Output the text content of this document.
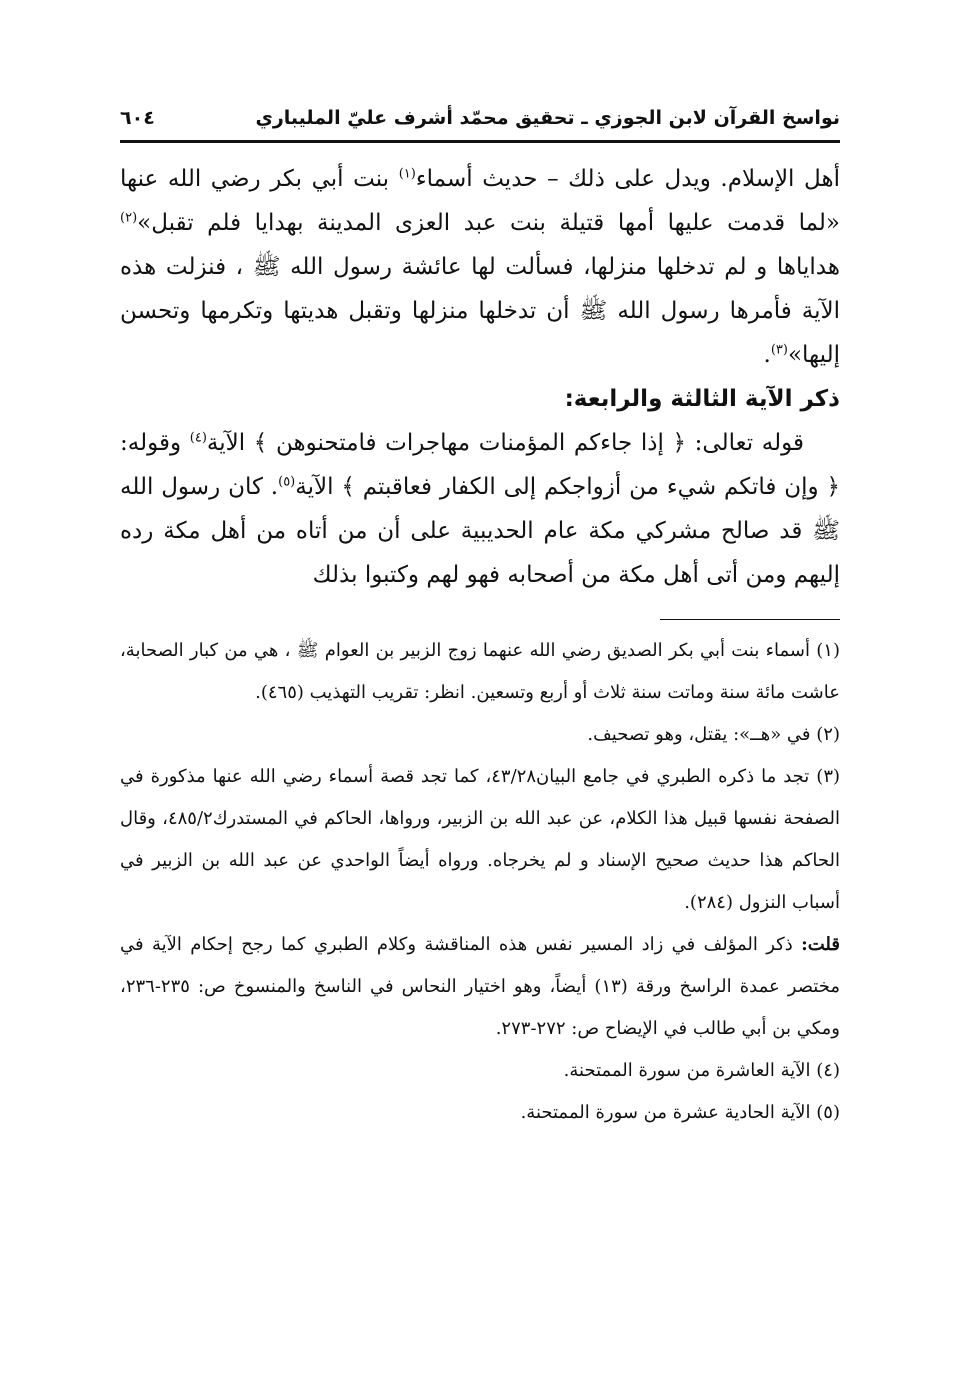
نواسخ القرآن لابن الجوزي ـ تحقيق محمّد أشرف عليّ المليباري
٦٠٤

أهل الإسلام. ويدل على ذلك – حديث أسماء$^{(١)}$ بنت أبي بكر رضي الله عنها «لما قدمت عليها أمها قتيلة بنت عبد العزى المدينة بهدايا فلم تقبل»$^{(٢)}$ هداياها و لم تدخلها منزلها، فسألت لها عائشة رسول الله ﷺ ، فنزلت هذه الآية فأمرها رسول الله ﷺ أن تدخلها منزلها وتقبل هديتها وتكرمها وتحسن إليها»$^{(٣)}$.

ذكر الآية الثالثة والرابعة:

قوله تعالى: ﴿ إذا جاءكم المؤمنات مهاجرات فامتحنوهن ﴾ الآية$^{(٤)}$ وقوله: ﴿ وإن فاتكم شيء من أزواجكم إلى الكفار فعاقبتم ﴾ الآية$^{(٥)}$. كان رسول الله ﷺ قد صالح مشركي مكة عام الحديبية على أن من أتاه من أهل مكة رده إليهم ومن أتى أهل مكة من أصحابه فهو لهم وكتبوا بذلك

(١) أسماء بنت أبي بكر الصديق رضي الله عنهما زوج الزبير بن العوام ﷺ ، هي من كبار الصحابة، عاشت مائة سنة وماتت سنة ثلاث أو أربع وتسعين. انظر: تقريب التهذيب (٤٦٥).

(٢) في «هــ»: يقتل، وهو تصحيف.

(٣) تجد ما ذكره الطبري في جامع البيان٤٣/٢٨، كما تجد قصة أسماء رضي الله عنها مذكورة في الصفحة نفسها قبيل هذا الكلام، عن عبد الله بن الزبير، ورواها، الحاكم في المستدرك٤٨٥/٢، وقال الحاكم هذا حديث صحيح الإسناد و لم يخرجاه. ورواه أيضاً الواحدي عن عبد الله بن الزبير في أسباب النزول (٢٨٤).

قلت: ذكر المؤلف في زاد المسير نفس هذه المناقشة وكلام الطبري كما رجح إحكام الآية في مختصر عمدة الراسخ ورقة (١٣) أيضاً، وهو اختيار النحاس في الناسخ والمنسوخ ص: ٢٣٥-٢٣٦، ومكي بن أبي طالب في الإيضاح ص: ٢٧٢-٢٧٣.

(٤) الآية العاشرة من سورة الممتحنة.

(٥) الآية الحادية عشرة من سورة الممتحنة.
